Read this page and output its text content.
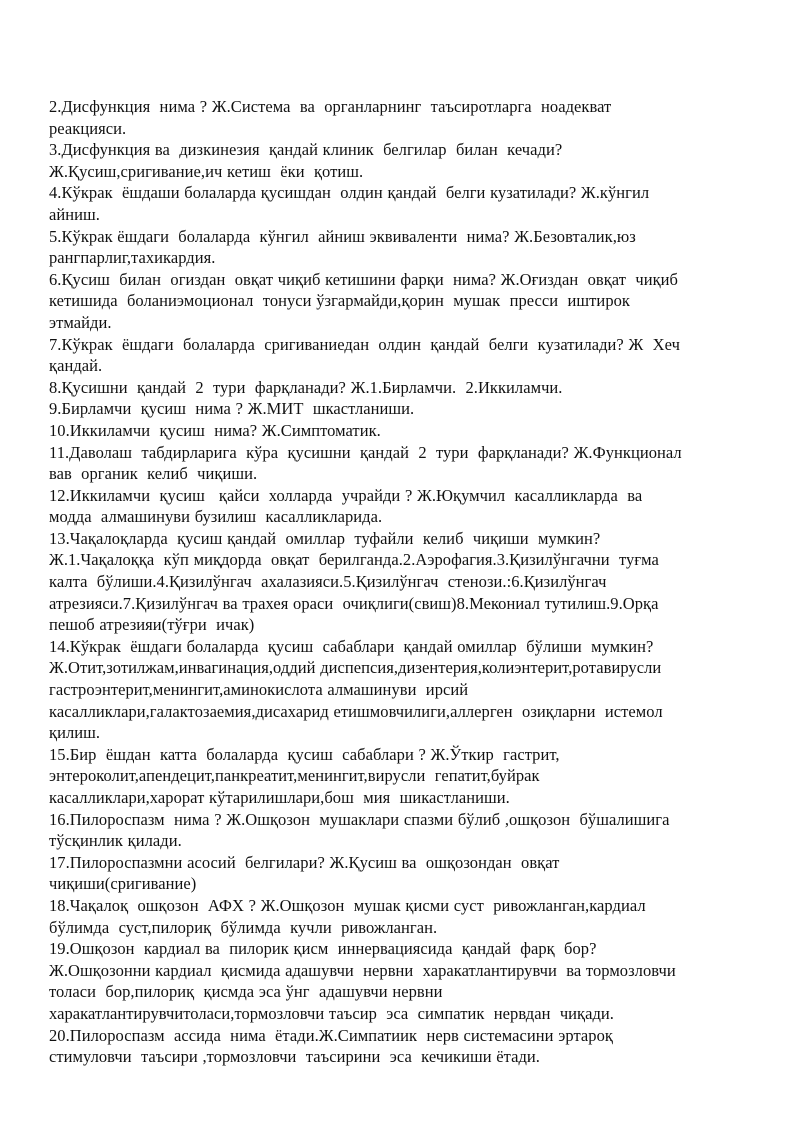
2.Дисфункция  нима ? Ж.Система  ва  органларнинг  таъсиротларга  ноадекват
реакцияси.
3.Дисфункция ва  дизкинезия  қандай клиник  белгилар  билан  кечади?
Ж.Қусиш,сригивание,ич кетиш  ёки  қотиш.
4.Кўкрак  ёшдаши болаларда қусишдан  олдин қандай  белги кузатилади? Ж.кўнгил
айниш.
5.Кўкрак ёшдаги  болаларда  кўнгил  айниш эквиваленти  нима? Ж.Безовталик,юз
рангпарлиг,тахикардия.
6.Қусиш  билан  огиздан  овқат чиқиб кетишини фарқи  нима? Ж.Оғиздан  овқат  чиқиб
кетишида  боланиэмоционал  тонуси ўзгармайди,қорин  мушак  пресси  иштирок
этмайди.
7.Кўкрак  ёшдаги  болаларда  сригиваниедан  олдин  қандай  белги  кузатилади? Ж  Хеч
қандай.
8.Қусишни  қандай  2  тури  фарқланади? Ж.1.Бирламчи.  2.Иккиламчи.
9.Бирламчи  қусиш  нима ? Ж.МИТ  шкастланиши.
10.Иккиламчи  қусиш  нима? Ж.Симптоматик.
11.Даволаш  табдирларига  кўра  қусишни  қандай  2  тури  фарқланади? Ж.Функционал
вав  органик  келиб  чиқиши.
12.Иккиламчи  қусиш   қайси  холларда  учрайди ? Ж.Юқумчил  касалликларда  ва
модда  алмашинуви бузилиш  касалликларида.
13.Чақалоқларда  қусиш қандай  омиллар  туфайли  келиб  чиқиши  мумкин?
Ж.1.Чақалоққа  кўп миқдорда  овқат  берилганда.2.Аэрофагия.3.Қизилўнгачни  туғма
калта  бўлиши.4.Қизилўнгач  ахалазияси.5.Қизилўнгач  стенози.:6.Қизилўнгач
атрезияси.7.Қизилўнгач ва трахея ораси  очиқлиги(свиш)8.Мекониал тутилиш.9.Орқа
пешоб атрезияи(тўғри  ичак)
14.Кўкрак  ёшдаги болаларда  қусиш  сабаблари  қандай омиллар  бўлиши  мумкин?
Ж.Отит,зотилжам,инвагинация,оддий диспепсия,дизентерия,колиэнтерит,ротавирусли
гастроэнтерит,менингит,аминокислота алмашинуви  ирсий
касалликлари,галактозаемия,дисахарид етишмовчилиги,аллерген  озиқларни  истемол
қилиш.
15.Бир  ёшдан  катта  болаларда  қусиш  сабаблари ? Ж.Ўткир  гастрит,
энтероколит,апендецит,панкреатит,менингит,вирусли  гепатит,буйрак
касалликлари,харорат кўтарилишлари,бош  мия  шикастланиши.
16.Пилороспазм  нима ? Ж.Ошқозон  мушаклари спазми бўлиб ,ошқозон  бўшалишига
тўсқинлик қилади.
17.Пилороспазмни асосий  белгилари? Ж.Қусиш ва  ошқозондан  овқат
чиқиши(сригивание)
18.Чақалоқ  ошқозон  АФХ ? Ж.Ошқозон  мушак қисми суст  ривожланган,кардиал
бўлимда  суст,пилориқ  бўлимда  кучли  ривожланган.
19.Ошқозон  кардиал ва  пилорик қисм  иннервациясида  қандай  фарқ  бор?
Ж.Ошқозонни кардиал  қисмида адашувчи  нервни  харакатлантирувчи  ва тормозловчи
толаси  бор,пилориқ  қисмда эса ўнг  адашувчи нервни
харакатлантирувчитоласи,тормозловчи таъсир  эса  симпатик  нервдан  чиқади.
20.Пилороспазм  ассида  нима  ётади.Ж.Симпатиик  нерв системасини эртароқ
стимуловчи  таъсири ,тормозловчи  таъсирини  эса  кечикиши ётади.
